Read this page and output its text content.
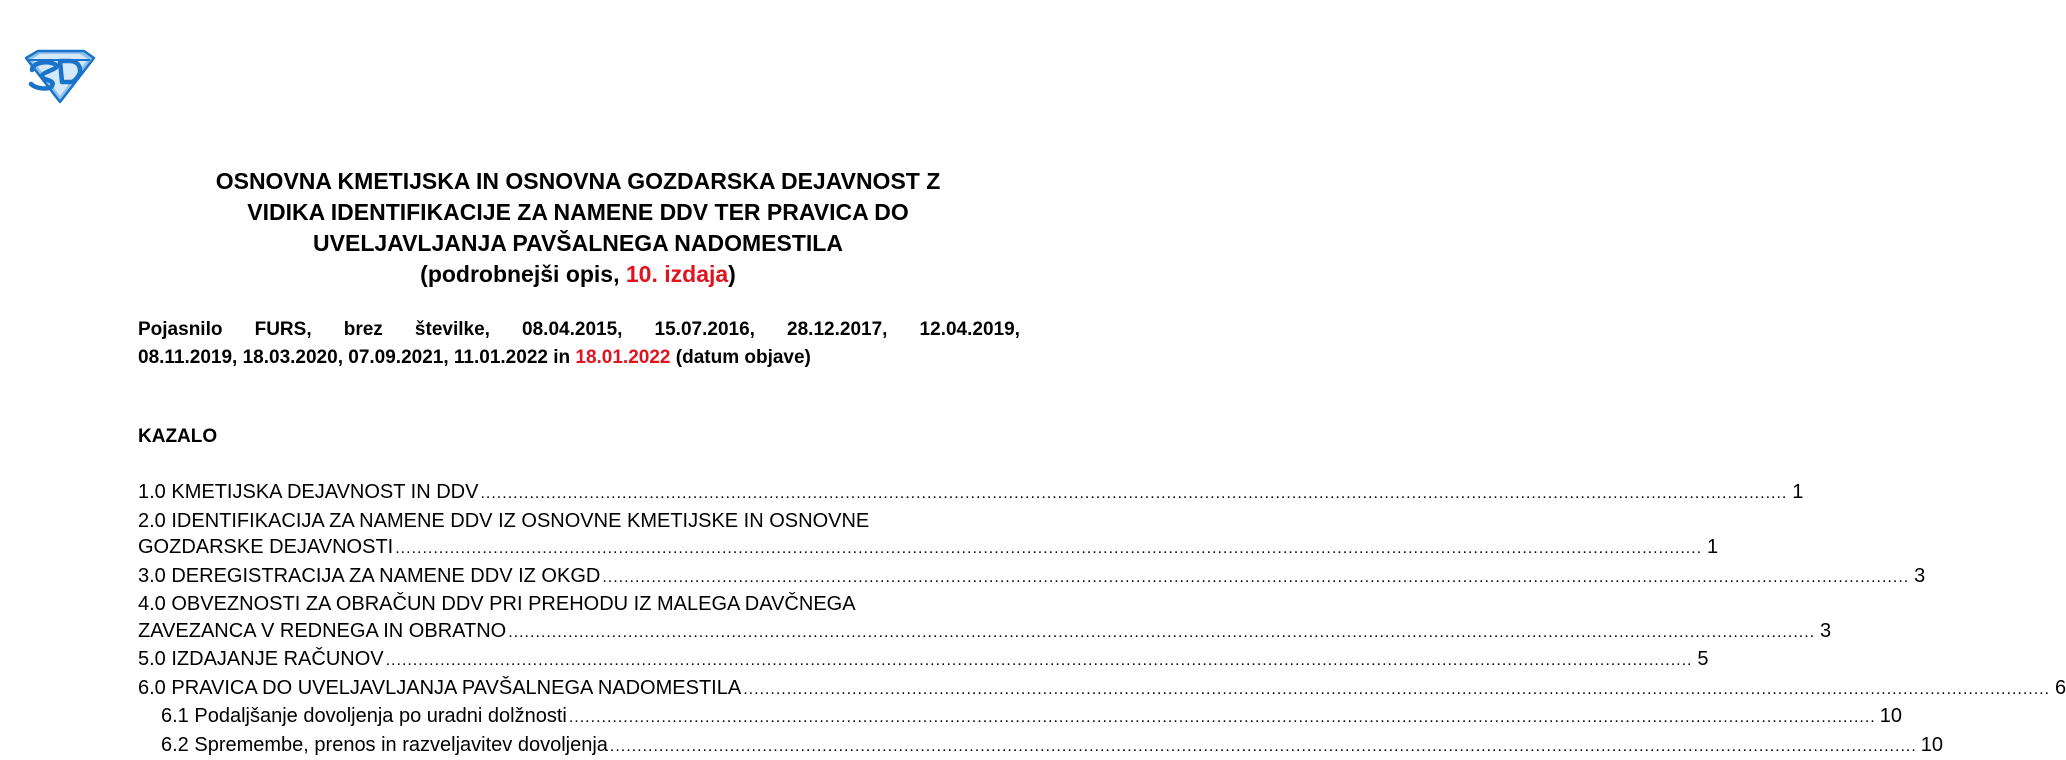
OSNOVNA KMETIJSKA IN OSNOVNA GOZDARSKA DEJAVNOST Z
VIDIKA IDENTIFIKACIJE ZA NAMENE DDV TER PRAVICA DO
UVELJAVLJANJA PAVŠALNEGA NADOMESTILA
(podrobnejši opis, 10. izdaja)
Pojasnilo FURS, brez številke, 08.04.2015, 15.07.2016, 28.12.2017, 12.04.2019,
08.11.2019, 18.03.2020, 07.09.2021, 11.01.2022 in 18.01.2022 (datum objave)
KAZALO
1.0 KMETIJSKA DEJAVNOST IN DDV .....	1
2.0 IDENTIFIKACIJA ZA NAMENE DDV IZ OSNOVNE KMETIJSKE IN OSNOVNE
GOZDARSKE DEJAVNOSTI .....	1
3.0 DEREGISTRACIJA ZA NAMENE DDV IZ OKGD .....	3
4.0 OBVEZNOSTI ZA OBRAČUN DDV PRI PREHODU IZ MALEGA DAVČNEGA
ZAVEZANCA V REDNEGA IN OBRATNO .....	3
5.0 IZDAJANJE RAČUNOV .....	5
6.0 PRAVICA DO UVELJAVLJANJA PAVŠALNEGA NADOMESTILA .....	6
6.1 Podaljšanje dovoljenja po uradni dolžnosti .....	10
6.2 Spremembe, prenos in razveljavitev dovoljenja .....	10
